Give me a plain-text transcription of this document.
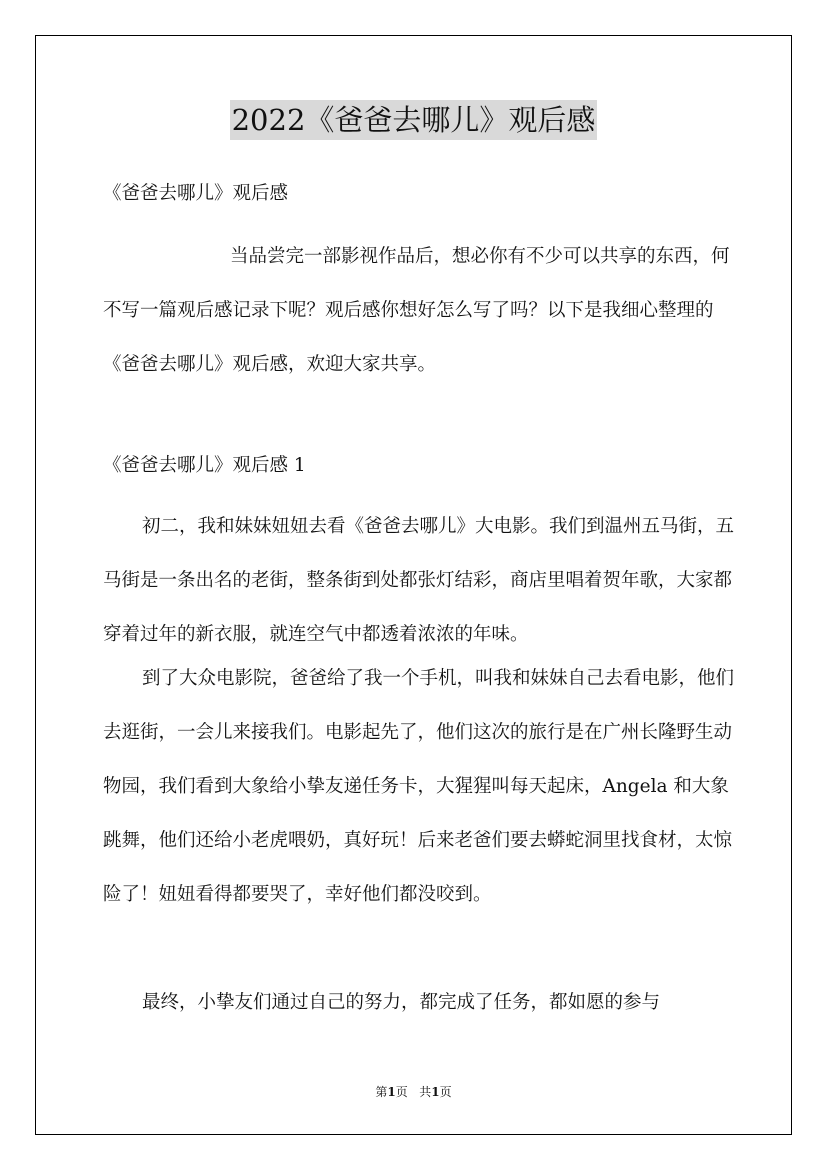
2022《爸爸去哪儿》观后感

《爸爸去哪儿》观后感

当品尝完一部影视作品后，想必你有不少可以共享的东西，何不写一篇观后感记录下呢？观后感你想好怎么写了吗？以下是我细心整理的《爸爸去哪儿》观后感，欢迎大家共享。

《爸爸去哪儿》观后感 1

初二，我和妹妹妞妞去看《爸爸去哪儿》大电影。我们到温州五马街，五马街是一条出名的老街，整条街到处都张灯结彩，商店里唱着贺年歌，大家都穿着过年的新衣服，就连空气中都透着浓浓的年味。

到了大众电影院，爸爸给了我一个手机，叫我和妹妹自己去看电影，他们去逛街，一会儿来接我们。电影起先了，他们这次的旅行是在广州长隆野生动物园，我们看到大象给小挚友递任务卡，大猩猩叫每天起床，Angela 和大象跳舞，他们还给小老虎喂奶，真好玩！后来老爸们要去蟒蛇洞里找食材，太惊险了！妞妞看得都要哭了，幸好他们都没咬到。

最终，小挚友们通过自己的努力，都完成了任务，都如愿的参与

第1页 共1页
